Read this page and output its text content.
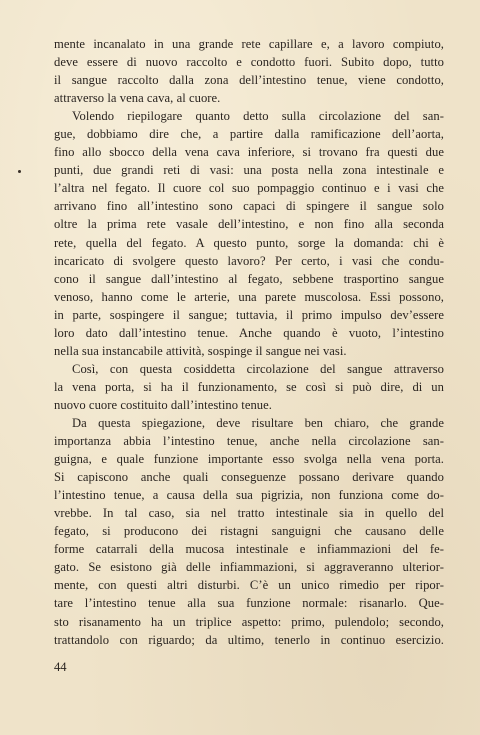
mente incanalato in una grande rete capillare e, a lavoro compiuto,
deve essere di nuovo raccolto e condotto fuori. Subito dopo, tutto
il sangue raccolto dalla zona dell’intestino tenue, viene condotto,
attraverso la vena cava, al cuore.

Volendo riepilogare quanto detto sulla circolazione del san-
gue, dobbiamo dire che, a partire dalla ramificazione dell’aorta,
fino allo sbocco della vena cava inferiore, si trovano fra questi due
punti, due grandi reti di vasi: una posta nella zona intestinale e
l’altra nel fegato. Il cuore col suo pompaggio continuo e i vasi che
arrivano fino all’intestino sono capaci di spingere il sangue solo
oltre la prima rete vasale dell’intestino, e non fino alla seconda
rete, quella del fegato. A questo punto, sorge la domanda: chi è
incaricato di svolgere questo lavoro? Per certo, i vasi che condu-
cono il sangue dall’intestino al fegato, sebbene trasportino sangue
venoso, hanno come le arterie, una parete muscolosa. Essi possono,
in parte, sospingere il sangue; tuttavia, il primo impulso dev’essere
loro dato dall’intestino tenue. Anche quando è vuoto, l’intestino
nella sua instancabile attività, sospinge il sangue nei vasi.

Così, con questa cosiddetta circolazione del sangue attraverso
la vena porta, si ha il funzionamento, se così si può dire, di un
nuovo cuore costituito dall’intestino tenue.

Da questa spiegazione, deve risultare ben chiaro, che grande
importanza abbia l’intestino tenue, anche nella circolazione san-
guigna, e quale funzione importante esso svolga nella vena porta.
Si capiscono anche quali conseguenze possano derivare quando
l’intestino tenue, a causa della sua pigrizia, non funziona come do-
vrebbe. In tal caso, sia nel tratto intestinale sia in quello del
fegato, si producono dei ristagni sanguigni che causano delle
forme catarrali della mucosa intestinale e infiammazioni del fe-
gato. Se esistono già delle infiammazioni, si aggraveranno ulterior-
mente, con questi altri disturbi. C’è un unico rimedio per ripor-
tare l’intestino tenue alla sua funzione normale: risanarlo. Que-
sto risanamento ha un triplice aspetto: primo, pulendolo; secondo,
trattandolo con riguardo; da ultimo, tenerlo in continuo esercizio.

44
